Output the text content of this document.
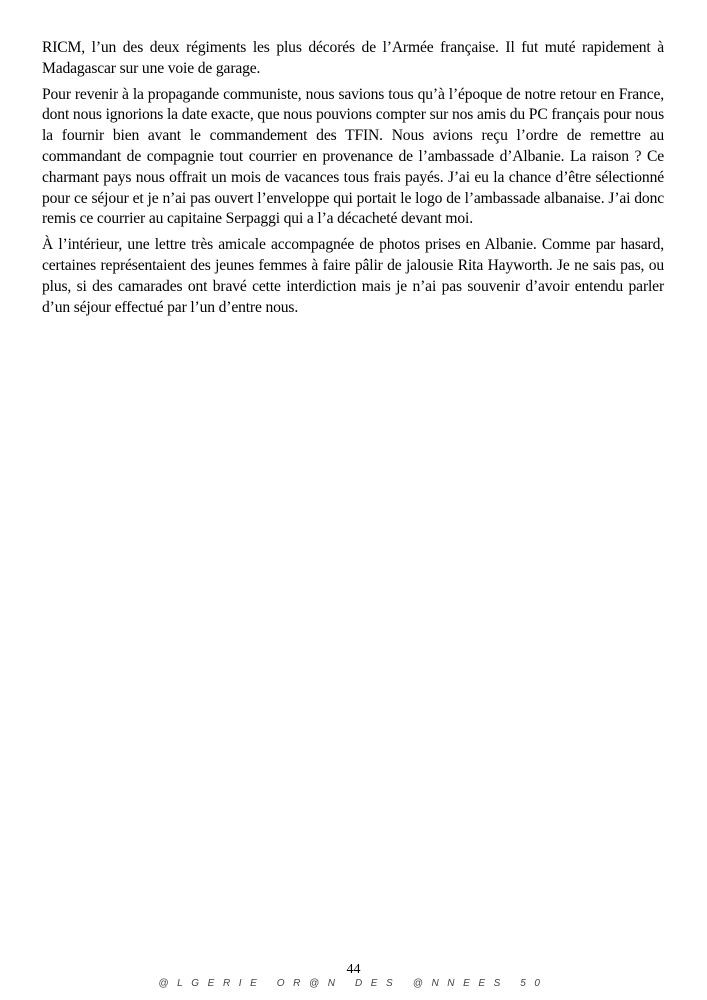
RICM, l’un des deux régiments les plus décorés de l’Armée française. Il fut muté rapidement à Madagascar sur une voie de garage.

Pour revenir à la propagande communiste, nous savions tous qu’à l’époque de notre retour en France, dont nous ignorions la date exacte, que nous pouvions compter sur nos amis du PC français pour nous la fournir bien avant le commandement des TFIN. Nous avions reçu l’ordre de remettre au commandant de compagnie tout courrier en provenance de l’ambassade d’Albanie. La raison ? Ce charmant pays nous offrait un mois de vacances tous frais payés. J’ai eu la chance d’être sélectionné pour ce séjour et je n’ai pas ouvert l’enveloppe qui portait le logo de l’ambassade albanaise. J’ai donc remis ce courrier au capitaine Serpaggi qui a l’a décacheté devant moi.

À l’intérieur, une lettre très amicale accompagnée de photos prises en Albanie. Comme par hasard, certaines représentaient des jeunes femmes à faire pâlir de jalousie Rita Hayworth. Je ne sais pas, ou plus, si des camarades ont bravé cette interdiction mais je n’ai pas souvenir d’avoir entendu parler d’un séjour effectué par l’un d’entre nous.

44
@LGERIE OR@N DES @NNEES 50
